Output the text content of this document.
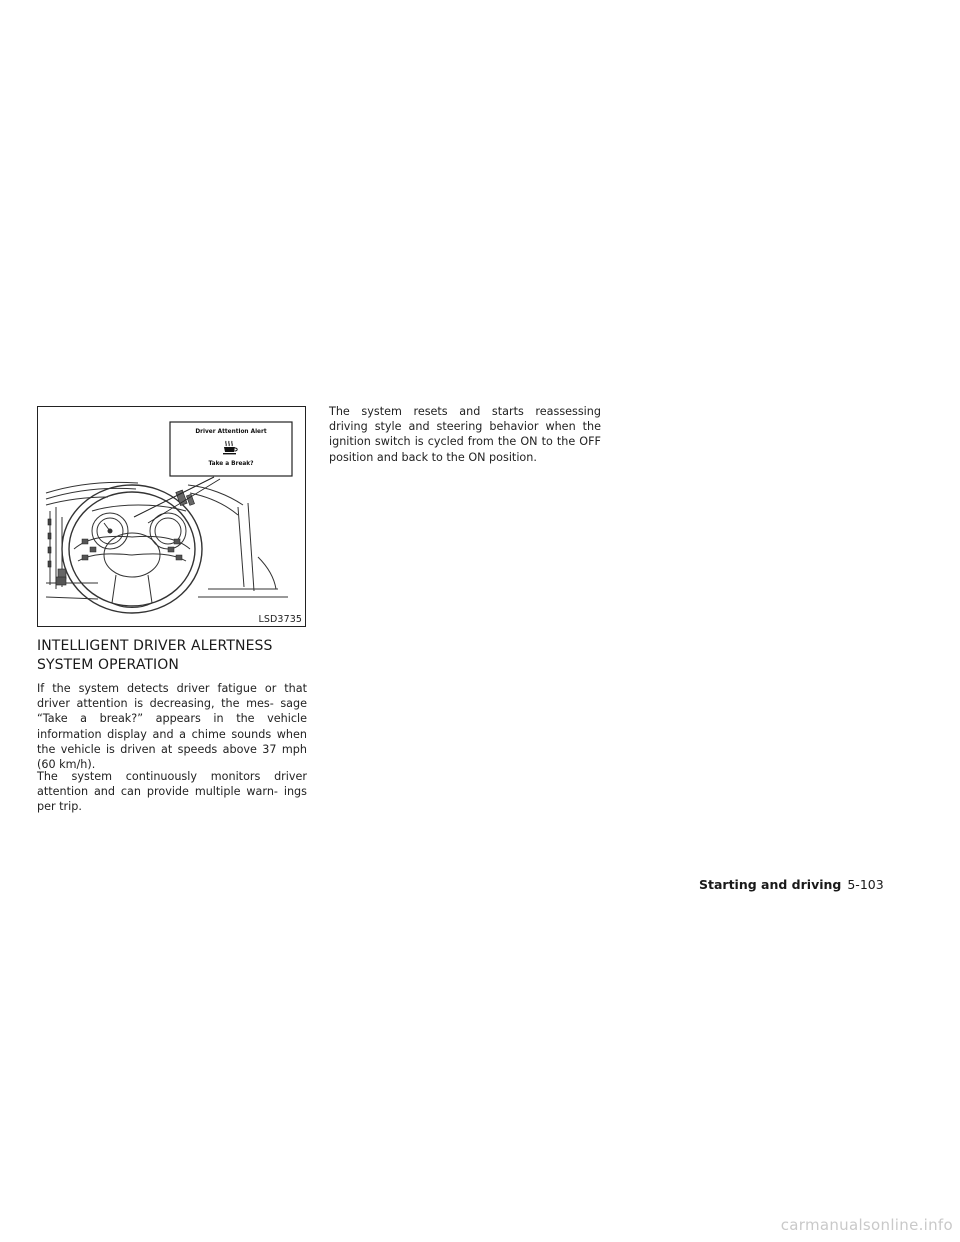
Driver Attention Alert
Take a Break?
LSD3735
INTELLIGENT DRIVER ALERTNESS
SYSTEM OPERATION

If the system detects driver fatigue or that driver attention is decreasing, the mes- sage “Take a break?” appears in the vehicle information display and a chime sounds when the vehicle is driven at speeds above 37 mph (60 km/h).

The system continuously monitors driver attention and can provide multiple warn- ings per trip.

The system resets and starts reassessing driving style and steering behavior when the ignition switch is cycled from the ON to the OFF position and back to the ON position.

Starting and driving 5-103
carmanualsonline.info
